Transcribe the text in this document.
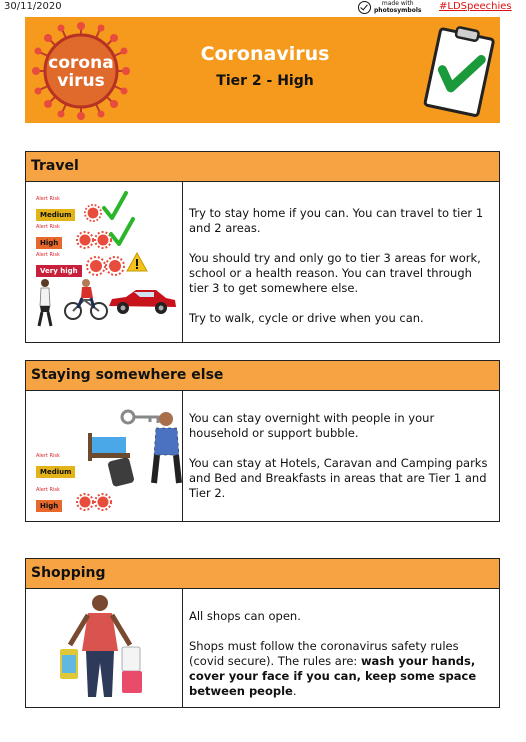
30/11/2020	made with
photosymbols #LDSpeechies
corona
virus
Coronavirus
Tier 2 - High
Travel
Alert Risk
Medium
Alert Risk
High
Alert Risk
Very high

Try to stay home if you can. You can travel to tier 1 and 2 areas.

You should try and only go to tier 3 areas for work, school or a health reason. You can travel through tier 3 to get somewhere else.

Try to walk, cycle or drive when you can.

Staying somewhere else
Alert Risk
Medium
Alert Risk
High

You can stay overnight with people in your household or support bubble.

You can stay at Hotels, Caravan and Camping parks and Bed and Breakfasts in areas that are Tier 1 and Tier 2.

Shopping

All shops can open.

Shops must follow the coronavirus safety rules (covid secure). The rules are: wash your hands, cover your face if you can, keep some space between people.
